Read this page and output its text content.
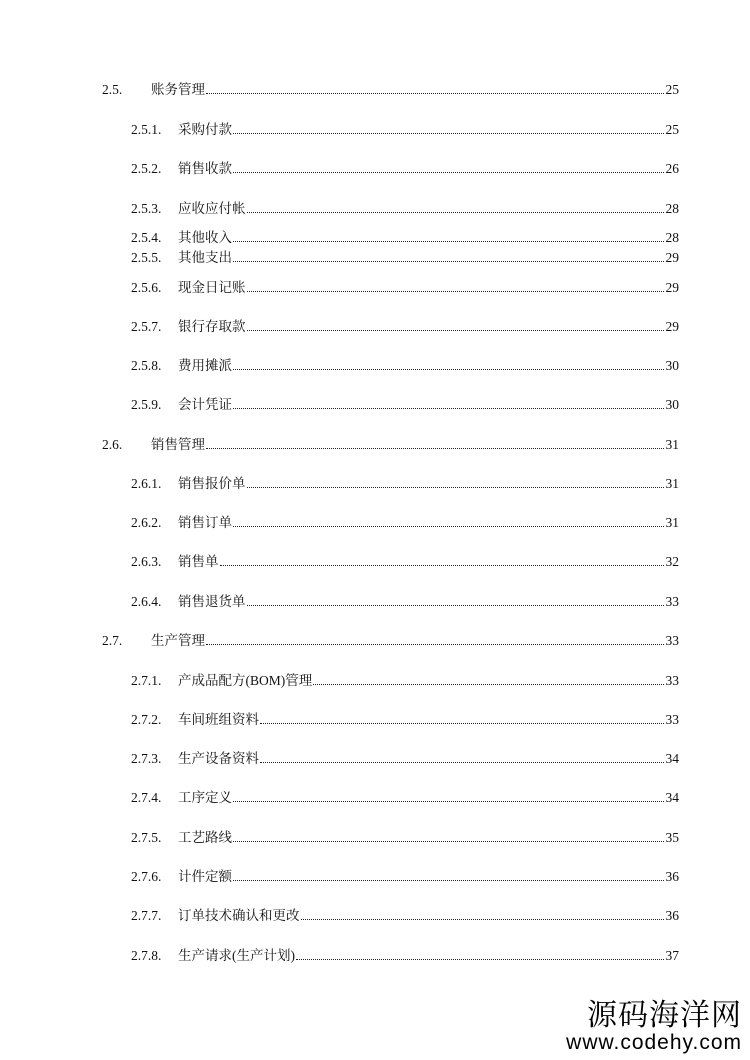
2.5. 账务管理	25
2.5.1. 采购付款	25
2.5.2. 销售收款	26
2.5.3. 应收应付帐	28
2.5.4. 其他收入	28
2.5.5. 其他支出	29
2.5.6. 现金日记账	29
2.5.7. 银行存取款	29
2.5.8. 费用摊派	30
2.5.9. 会计凭证	30
2.6. 销售管理	31
2.6.1. 销售报价单	31
2.6.2. 销售订单	31
2.6.3. 销售单	32
2.6.4. 销售退货单	33
2.7. 生产管理	33
2.7.1. 产成品配方(BOM)管理	33
2.7.2. 车间班组资料	33
2.7.3. 生产设备资料	34
2.7.4. 工序定义	34
2.7.5. 工艺路线	35
2.7.6. 计件定额	36
2.7.7. 订单技术确认和更改	36
2.7.8. 生产请求(生产计划)	37
源码海洋网
www.codehy.com
